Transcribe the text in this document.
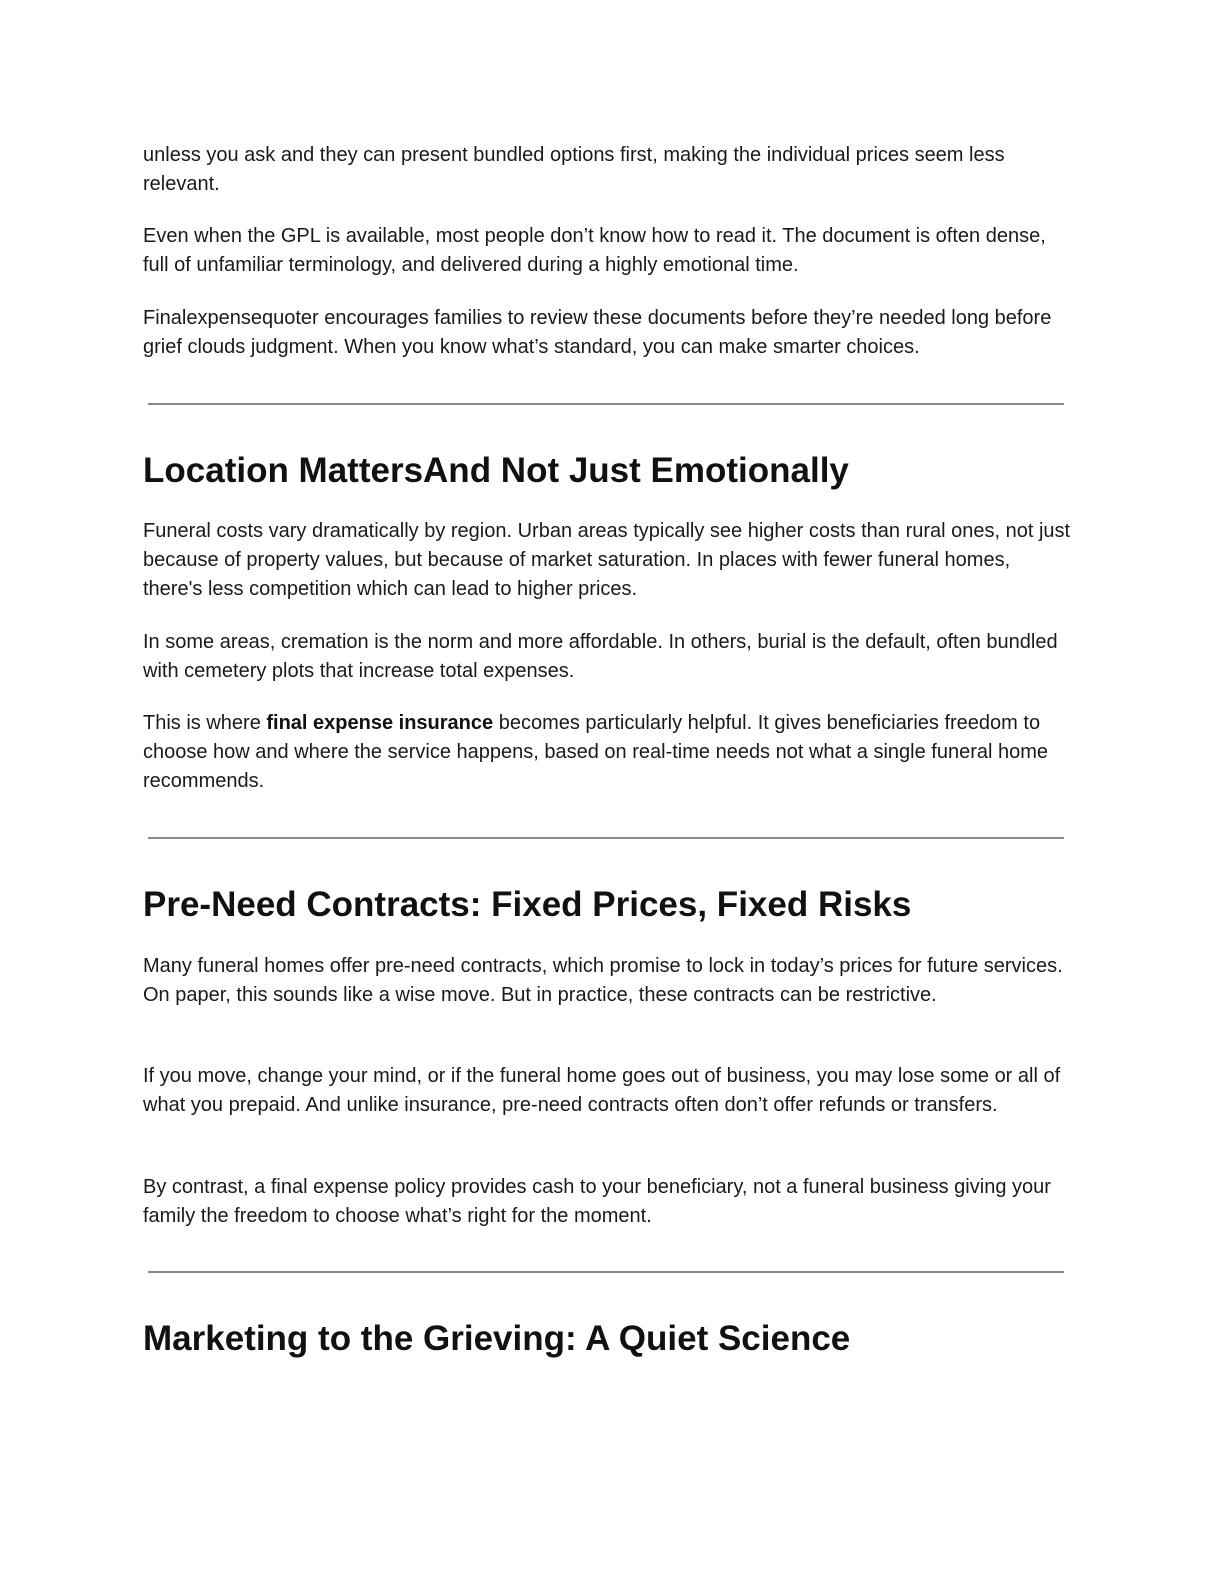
unless you ask and they can present bundled options first, making the individual prices seem less relevant.

Even when the GPL is available, most people don’t know how to read it. The document is often dense, full of unfamiliar terminology, and delivered during a highly emotional time.

Finalexpensequoter encourages families to review these documents before they’re needed long before grief clouds judgment. When you know what’s standard, you can make smarter choices.

Location MattersAnd Not Just Emotionally

Funeral costs vary dramatically by region. Urban areas typically see higher costs than rural ones, not just because of property values, but because of market saturation. In places with fewer funeral homes, there's less competition which can lead to higher prices.

In some areas, cremation is the norm and more affordable. In others, burial is the default, often bundled with cemetery plots that increase total expenses.

This is where final expense insurance becomes particularly helpful. It gives beneficiaries freedom to choose how and where the service happens, based on real-time needs not what a single funeral home recommends.

Pre-Need Contracts: Fixed Prices, Fixed Risks

Many funeral homes offer pre-need contracts, which promise to lock in today’s prices for future services. On paper, this sounds like a wise move. But in practice, these contracts can be restrictive.

If you move, change your mind, or if the funeral home goes out of business, you may lose some or all of what you prepaid. And unlike insurance, pre-need contracts often don’t offer refunds or transfers.

By contrast, a final expense policy provides cash to your beneficiary, not a funeral business giving your family the freedom to choose what’s right for the moment.

Marketing to the Grieving: A Quiet Science
